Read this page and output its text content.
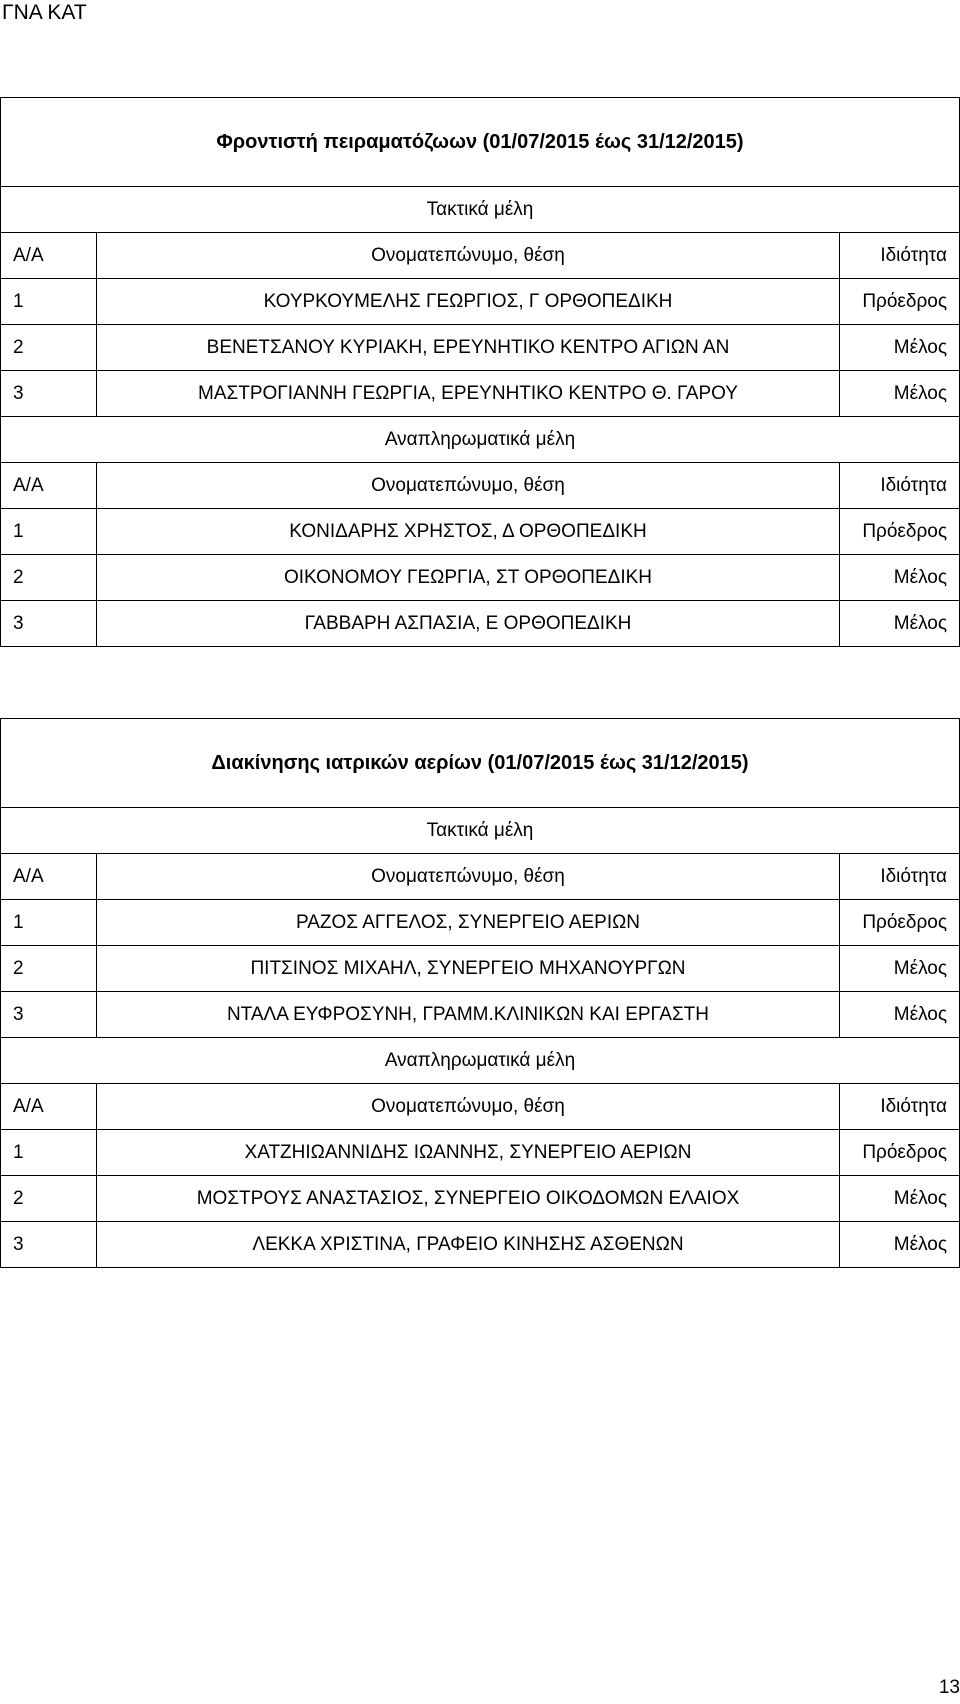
ΓΝΑ ΚΑΤ
Φροντιστή πειραματόζωων (01/07/2015 έως 31/12/2015)		
Τακτικά μέλη		
Α/Α	Ονοματεπώνυμο, θέση	Ιδιότητα
1	ΚΟΥΡΚΟΥΜΕΛΗΣ ΓΕΩΡΓΙΟΣ, Γ ΟΡΘΟΠΕΔΙΚΗ	Πρόεδρος
2	ΒΕΝΕΤΣΑΝΟΥ ΚΥΡΙΑΚΗ, ΕΡΕΥΝΗΤΙΚΟ ΚΕΝΤΡΟ ΑΓΙΩΝ ΑΝ	Μέλος
3	ΜΑΣΤΡΟΓΙΑΝΝΗ ΓΕΩΡΓΙΑ, ΕΡΕΥΝΗΤΙΚΟ ΚΕΝΤΡΟ Θ. ΓΑΡΟΥ	Μέλος
Αναπληρωματικά μέλη		
Α/Α	Ονοματεπώνυμο, θέση	Ιδιότητα
1	ΚΟΝΙΔΑΡΗΣ ΧΡΗΣΤΟΣ, Δ ΟΡΘΟΠΕΔΙΚΗ	Πρόεδρος
2	ΟΙΚΟΝΟΜΟΥ ΓΕΩΡΓΙΑ, ΣΤ ΟΡΘΟΠΕΔΙΚΗ	Μέλος
3	ΓΑΒΒΑΡΗ ΑΣΠΑΣΙΑ, Ε ΟΡΘΟΠΕΔΙΚΗ	Μέλος
Διακίνησης ιατρικών αερίων (01/07/2015 έως 31/12/2015)		
Τακτικά μέλη		
Α/Α	Ονοματεπώνυμο, θέση	Ιδιότητα
1	ΡΑΖΟΣ ΑΓΓΕΛΟΣ, ΣΥΝΕΡΓΕΙΟ ΑΕΡΙΩΝ	Πρόεδρος
2	ΠΙΤΣΙΝΟΣ ΜΙΧΑΗΛ, ΣΥΝΕΡΓΕΙΟ ΜΗΧΑΝΟΥΡΓΩΝ	Μέλος
3	ΝΤΑΛΑ ΕΥΦΡΟΣΥΝΗ, ΓΡΑΜΜ.ΚΛΙΝΙΚΩΝ ΚΑΙ ΕΡΓΑΣΤΗ	Μέλος
Αναπληρωματικά μέλη		
Α/Α	Ονοματεπώνυμο, θέση	Ιδιότητα
1	ΧΑΤΖΗΙΩΑΝΝΙΔΗΣ ΙΩΑΝΝΗΣ, ΣΥΝΕΡΓΕΙΟ ΑΕΡΙΩΝ	Πρόεδρος
2	ΜΟΣΤΡΟΥΣ ΑΝΑΣΤΑΣΙΟΣ, ΣΥΝΕΡΓΕΙΟ ΟΙΚΟΔΟΜΩΝ ΕΛΑΙΟΧ	Μέλος
3	ΛΕΚΚΑ ΧΡΙΣΤΙΝΑ, ΓΡΑΦΕΙΟ ΚΙΝΗΣΗΣ ΑΣΘΕΝΩΝ	Μέλος
13
